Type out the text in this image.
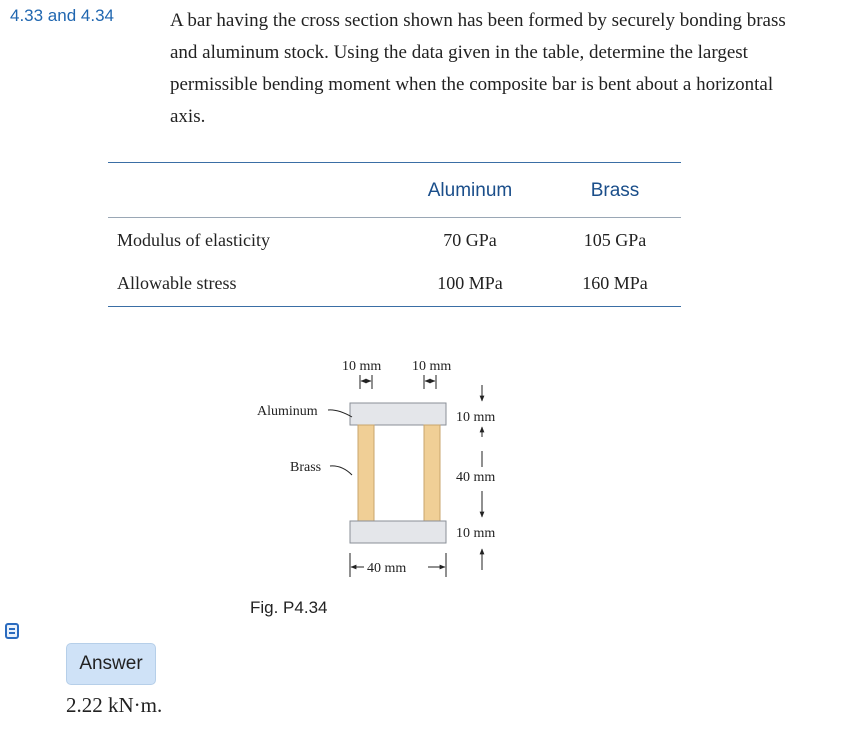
4.33 and 4.34	A bar having the cross section shown has been formed by securely bonding brass and aluminum stock. Using the data given in the table, determine the largest permissible bending moment when the composite bar is bent about a horizontal axis.
Aluminum	Brass
Modulus of elasticity	70 GPa	105 GPa
Allowable stress	100 MPa	160 MPa
10 mm 10 mm
Aluminum
Brass
10 mm
40 mm
10 mm
40 mm
Fig. P4.34
Answer
2.22 kN·m.
